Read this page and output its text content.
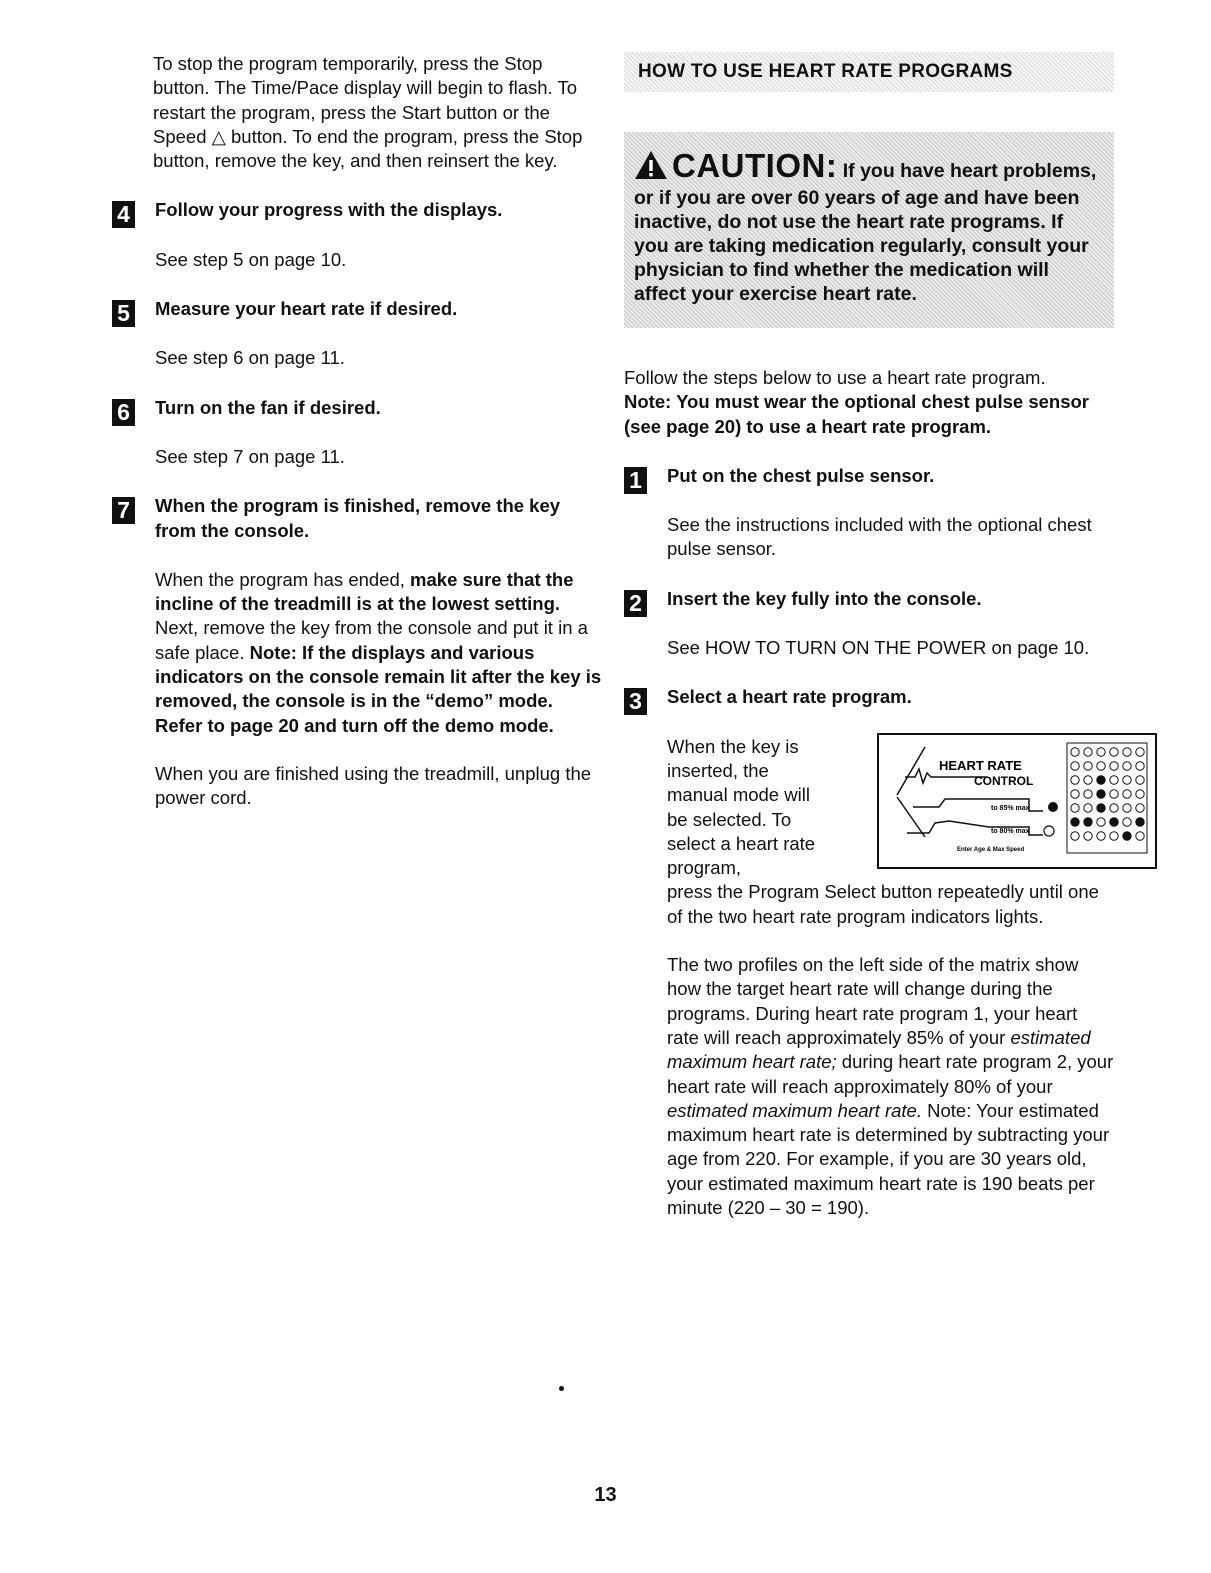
To stop the program temporarily, press the Stop button. The Time/Pace display will begin to flash. To restart the program, press the Start button or the Speed △ button. To end the program, press the Stop button, remove the key, and then reinsert the key.

4 Follow your progress with the displays.

See step 5 on page 10.

5 Measure your heart rate if desired.

See step 6 on page 11.

6 Turn on the fan if desired.

See step 7 on page 11.

7 When the program is finished, remove the key from the console.

When the program has ended, make sure that the incline of the treadmill is at the lowest setting. Next, remove the key from the console and put it in a safe place. Note: If the displays and various indicators on the console remain lit after the key is removed, the console is in the “demo” mode. Refer to page 20 and turn off the demo mode.

When you are finished using the treadmill, unplug the power cord.

HOW TO USE HEART RATE PROGRAMS
CAUTION: If you have heart problems, or if you are over 60 years of age and have been inactive, do not use the heart rate programs. If you are taking medication regularly, consult your physician to find whether the medication will affect your exercise heart rate.

Follow the steps below to use a heart rate program.

Note: You must wear the optional chest pulse sensor (see page 20) to use a heart rate program.

1 Put on the chest pulse sensor.

See the instructions included with the optional chest pulse sensor.

2 Insert the key fully into the console.

See HOW TO TURN ON THE POWER on page 10.

3 Select a heart rate program.

When the key is inserted, the manual mode will be selected. To select a heart rate program,

HEART RATE
CONTROL
to 85% max
to 80% max
Enter Age & Max Speed

press the Program Select button repeatedly until one of the two heart rate program indicators lights.

The two profiles on the left side of the matrix show how the target heart rate will change during the programs. During heart rate program 1, your heart rate will reach approximately 85% of your estimated maximum heart rate; during heart rate program 2, your heart rate will reach approximately 80% of your estimated maximum heart rate. Note: Your estimated maximum heart rate is determined by subtracting your age from 220. For example, if you are 30 years old, your estimated maximum heart rate is 190 beats per minute (220 – 30 = 190).

13
